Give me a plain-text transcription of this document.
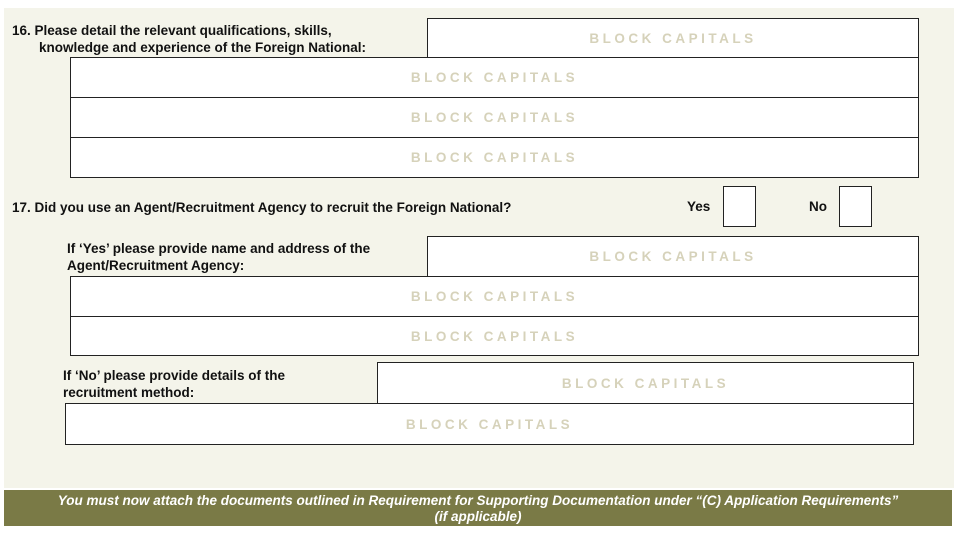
16. Please detail the relevant qualifications, skills,
knowledge and experience of the Foreign National:
BLOCK CAPITALS
BLOCK CAPITALS
BLOCK CAPITALS
BLOCK CAPITALS
17. Did you use an Agent/Recruitment Agency to recruit the Foreign National?	Yes	No
If ‘Yes’ please provide name and address of the
Agent/Recruitment Agency:
BLOCK CAPITALS
BLOCK CAPITALS
BLOCK CAPITALS
If ‘No’ please provide details of the
recruitment method:
BLOCK CAPITALS
BLOCK CAPITALS
You must now attach the documents outlined in Requirement for Supporting Documentation under “(C) Application Requirements”
(if applicable)
